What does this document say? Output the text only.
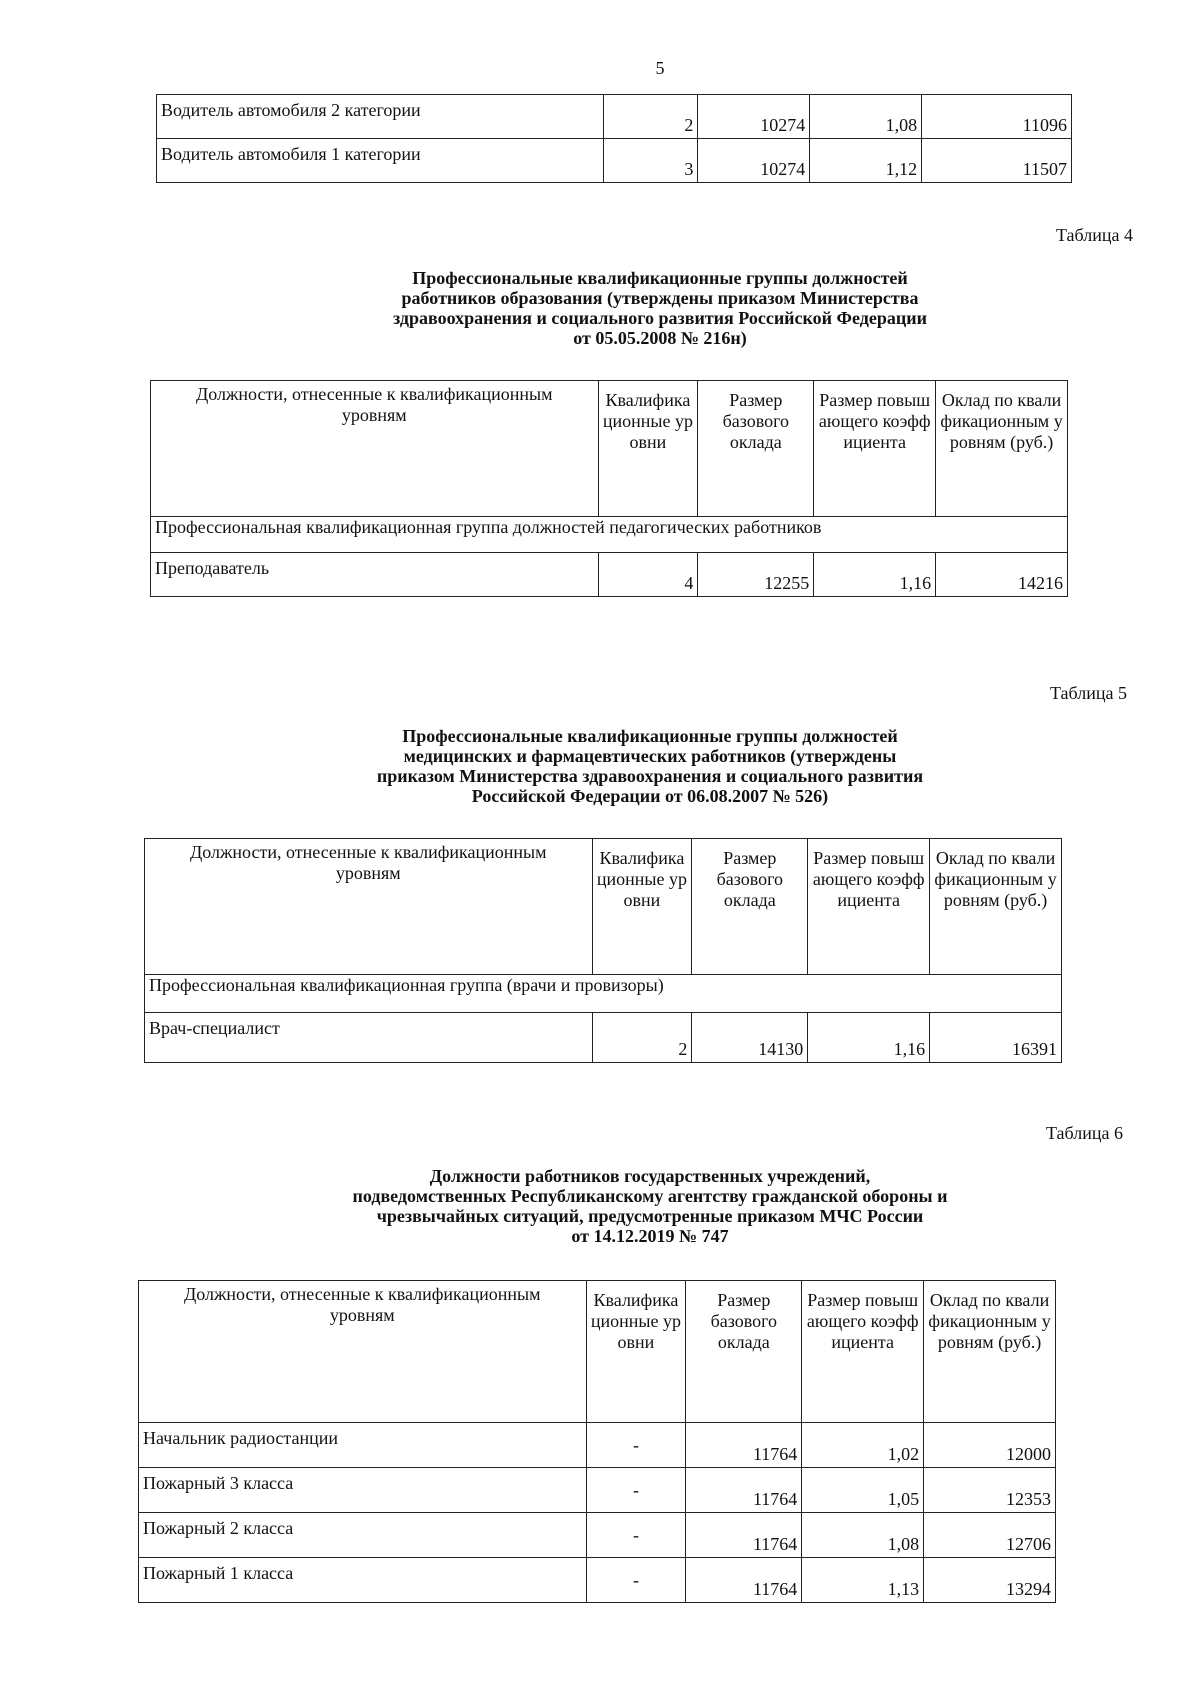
5
Водитель автомобиля 2 категории	2	10274	1,08	11096
Водитель автомобиля 1 категории	3	10274	1,12	11507
Таблица 4
Профессиональные квалификационные группы должностей
работников образования (утверждены приказом Министерства
здравоохранения и социального развития Российской Федерации
от 05.05.2008 № 216н)
Должности, отнесенные к квалификационным уровням	Квалификационные уровни	Размер базового оклада	Размер повышающего коэффициента	Оклад по квалификационным уровням (руб.)
Профессиональная квалификационная группа должностей педагогических работников				
Преподаватель	4	12255	1,16	14216
Таблица 5
Профессиональные квалификационные группы должностей
медицинских и фармацевтических работников (утверждены
приказом Министерства здравоохранения и социального развития
Российской Федерации от 06.08.2007 № 526)
Должности, отнесенные к квалификационным уровням	Квалификационные уровни	Размер базового оклада	Размер повышающего коэффициента	Оклад по квалификационным уровням (руб.)
Профессиональная квалификационная группа (врачи и провизоры)				
Врач-специалист	2	14130	1,16	16391
Таблица 6
Должности работников государственных учреждений,
подведомственных Республиканскому агентству гражданской обороны и
чрезвычайных ситуаций, предусмотренные приказом МЧС России
от 14.12.2019 № 747
Должности, отнесенные к квалификационным уровням	Квалификационные уровни	Размер базового оклада	Размер повышающего коэффициента	Оклад по квалификационным уровням (руб.)
Начальник радиостанции	-	11764	1,02	12000
Пожарный 3 класса	-	11764	1,05	12353
Пожарный 2 класса	-	11764	1,08	12706
Пожарный 1 класса	-	11764	1,13	13294
